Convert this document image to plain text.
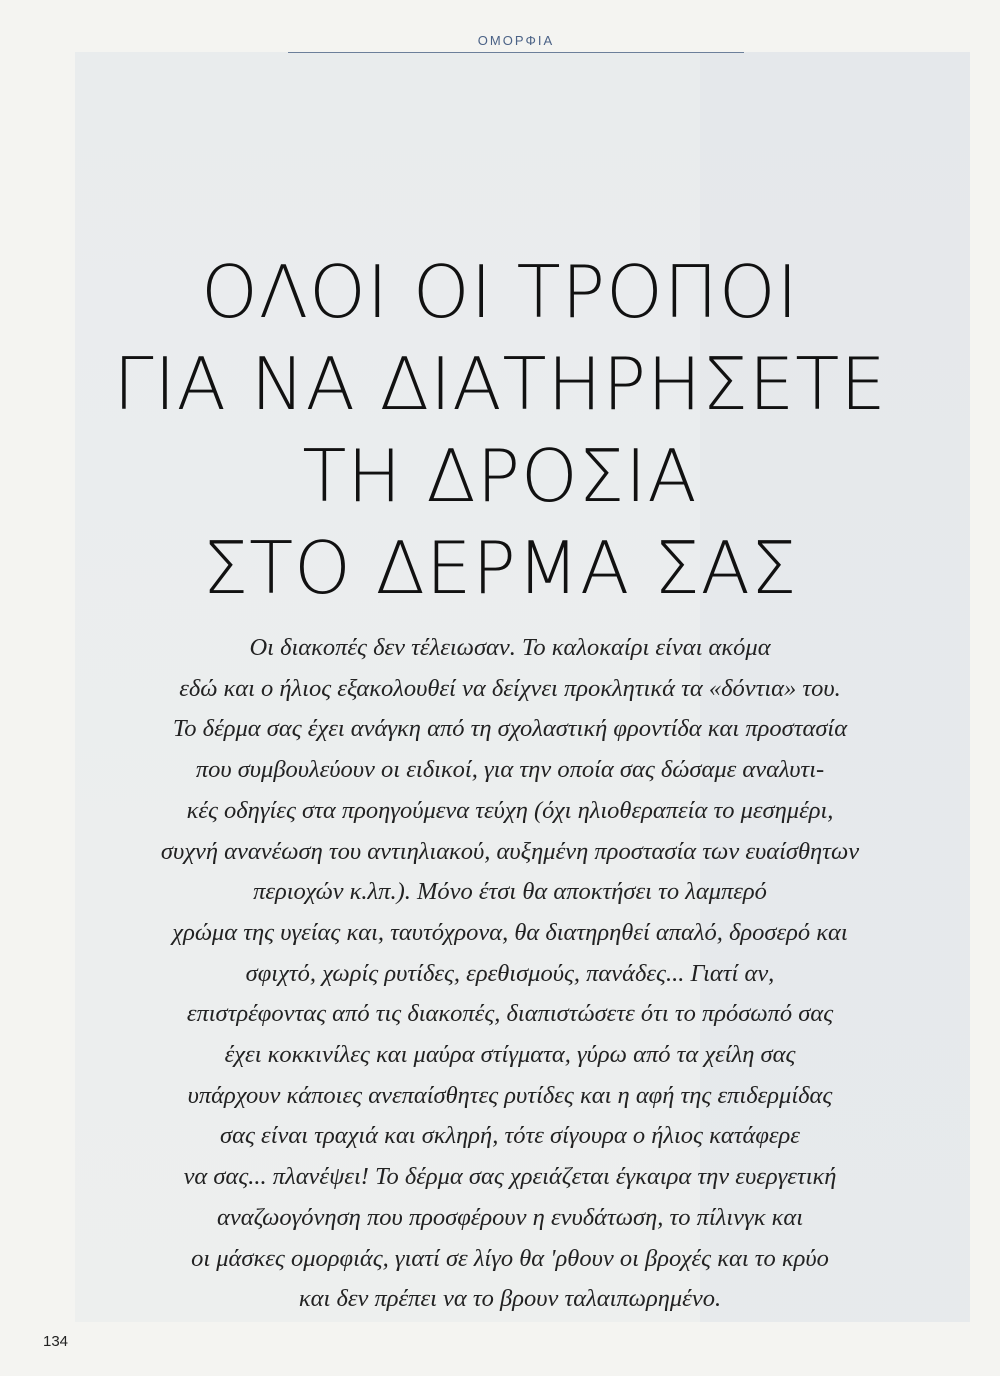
ΟΜΟΡΦΙΑ
ΟΛΟΙ ΟΙ ΤΡΟΠΟΙ
ΓΙΑ ΝΑ ΔΙΑΤΗΡΗΣΕΤΕ
ΤΗ ΔΡΟΣΙΑ
ΣΤΟ ΔΕΡΜΑ ΣΑΣ
Οι διακοπές δεν τέλειωσαν. Το καλοκαίρι είναι ακόμα
εδώ και ο ήλιος εξακολουθεί να δείχνει προκλητικά τα «δόντια» του.
Το δέρμα σας έχει ανάγκη από τη σχολαστική φροντίδα και προστασία
που συμβουλεύουν οι ειδικοί, για την οποία σας δώσαμε αναλυτι-
κές οδηγίες στα προηγούμενα τεύχη (όχι ηλιοθεραπεία το μεσημέρι,
συχνή ανανέωση του αντιηλιακού, αυξημένη προστασία των ευαίσθητων
περιοχών κ.λπ.). Μόνο έτσι θα αποκτήσει το λαμπερό
χρώμα της υγείας και, ταυτόχρονα, θα διατηρηθεί απαλό, δροσερό και
σφιχτό, χωρίς ρυτίδες, ερεθισμούς, πανάδες... Γιατί αν,
επιστρέφοντας από τις διακοπές, διαπιστώσετε ότι το πρόσωπό σας
έχει κοκκινίλες και μαύρα στίγματα, γύρω από τα χείλη σας
υπάρχουν κάποιες ανεπαίσθητες ρυτίδες και η αφή της επιδερμίδας
σας είναι τραχιά και σκληρή, τότε σίγουρα ο ήλιος κατάφερε
να σας... πλανέψει! Το δέρμα σας χρειάζεται έγκαιρα την ευεργετική
αναζωογόνηση που προσφέρουν η ενυδάτωση, το πίλινγκ και
οι μάσκες ομορφιάς, γιατί σε λίγο θα 'ρθουν οι βροχές και το κρύο
και δεν πρέπει να το βρουν ταλαιπωρημένο.
134
